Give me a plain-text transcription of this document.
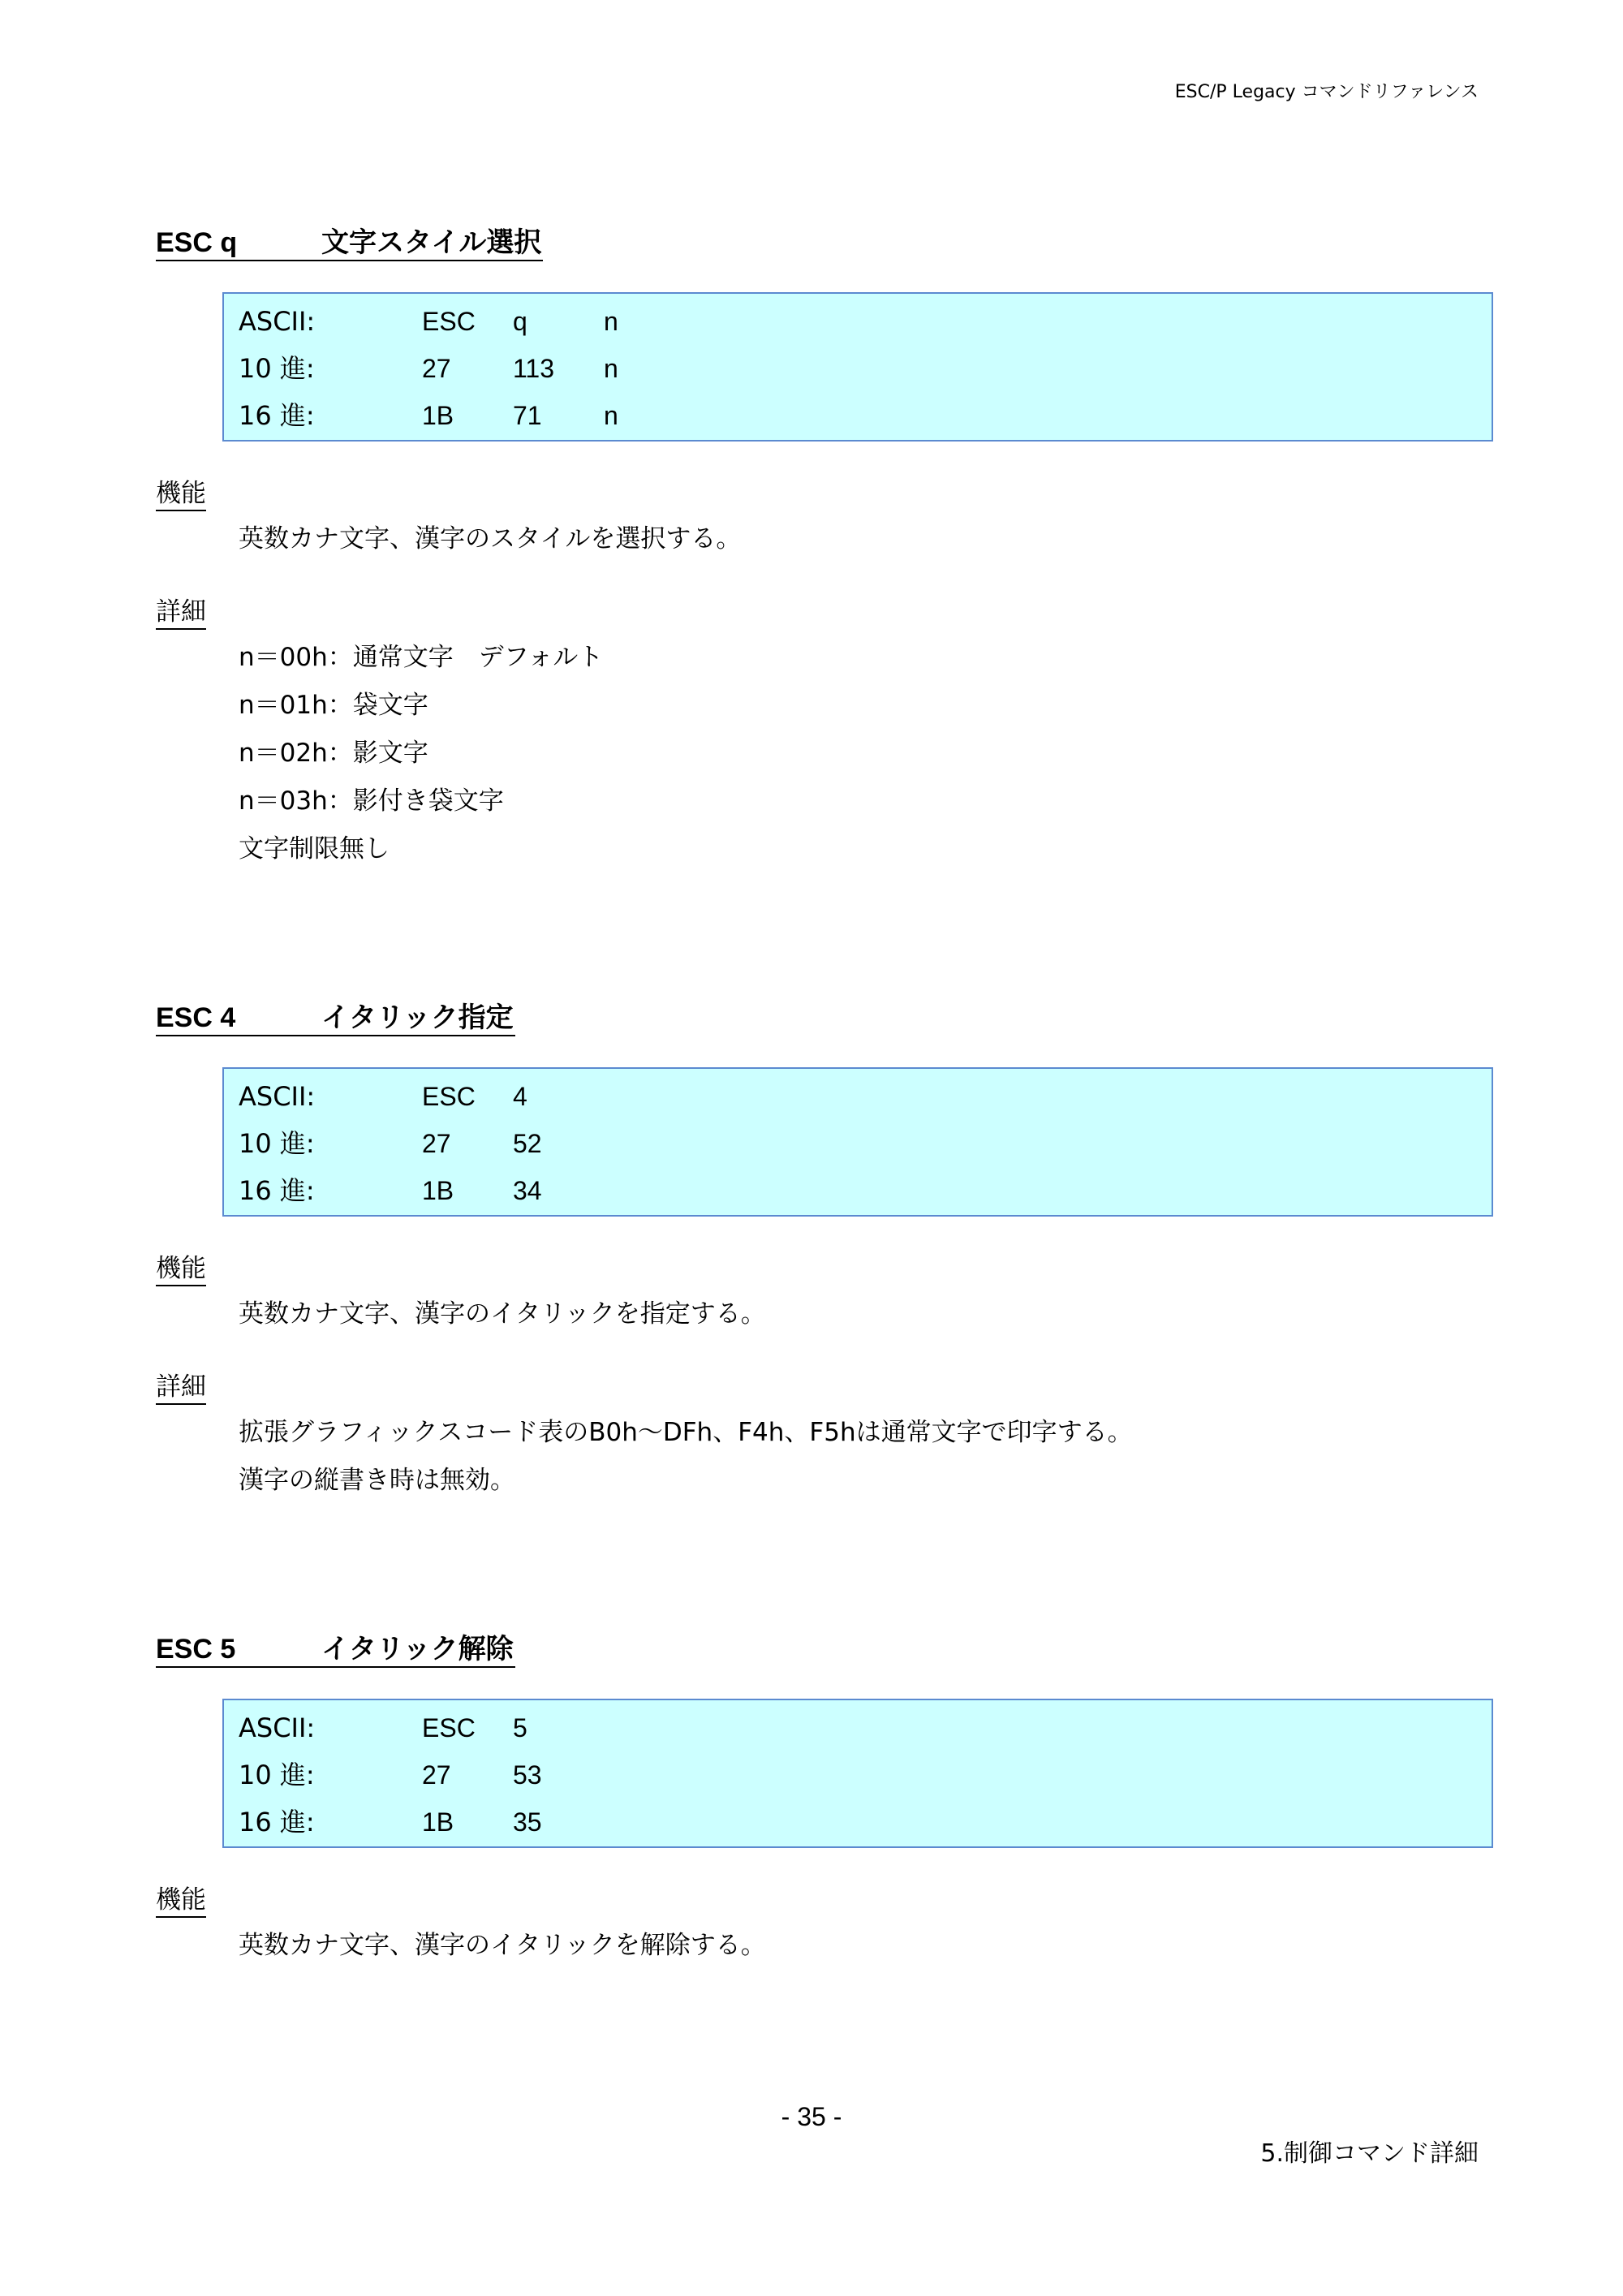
ESC/P Legacy コマンドリファレンス
ESC q	文字スタイル選択
ASCII:	ESC q	n
10 進:	27 113 n
16 進:	1B 71 n
機能
英数カナ文字、漢字のスタイルを選択する。
詳細
n＝00h：通常文字　デフォルト
n＝01h：袋文字
n＝02h：影文字
n＝03h：影付き袋文字
文字制限無し
ESC 4	イタリック指定
ASCII:	ESC 4
10 進:	27 52
16 進:	1B 34
機能
英数カナ文字、漢字のイタリックを指定する。
詳細
拡張グラフィックスコード表のB0h～DFh、F4h、F5hは通常文字で印字する。
漢字の縦書き時は無効。
ESC 5	イタリック解除
ASCII:	ESC 5
10 進:	27 53
16 進:	1B 35
機能
英数カナ文字、漢字のイタリックを解除する。
- 35 -
5.制御コマンド詳細
